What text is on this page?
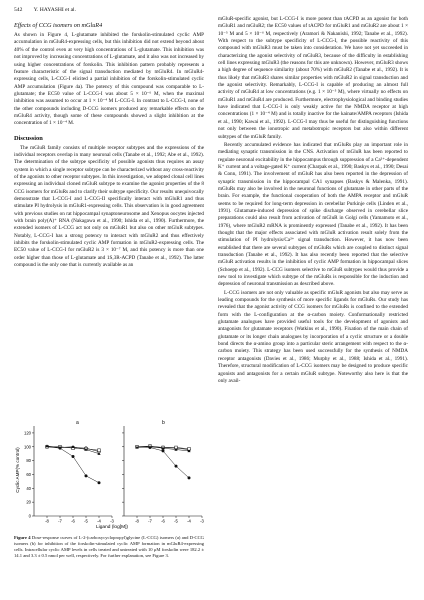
542 Y. HAYASHI et al.
Effects of CCG isomers on mGluR4

As shown in Figure 4, L-glutamate inhibited the forskolin-stimulated cyclic AMP accumulation in mGluR4-expressing cells, but this inhibition did not extend beyond about 40% of the control even at very high concentrations of L-glutamate. This inhibition was not improved by increasing concentrations of L-glutamate, and it also was not increased by using higher concentrations of forskolin. This inhibition pattern probably represents a feature characteristic of the signal transduction mediated by mGluR4. In mGluR4-expressing cells, L-CCG-I elicited a partial inhibition of the forskolin-stimulated cyclic AMP accumulation (Figure 4a). The potency of this compound was comparable to L-glutamate; the EC50 value of L-CCG-I was about 5 × 10⁻⁶ M, when the maximal inhibition was assumed to occur at 1 × 10⁻⁴ M L-CCG-I. In contrast to L-CCG-I, none of the other compounds including D-CCG isomers produced any remarkable effects on the mGluR4 activity, though some of these compounds showed a slight inhibition at the concentration of 1 × 10⁻⁴ M.

Discussion

The mGluR family consists of multiple receptor subtypes and the expressions of the individual receptors overlap in many neuronal cells (Tanabe et al., 1992; Abe et al., 1992). The determination of the subtype specificity of possible agonists thus requires an assay system in which a single receptor subtype can be characterized without any cross-reactivity of the agonists to other receptor subtypes. In this investigation, we adopted clonal cell lines expressing an individual cloned mGluR subtype to examine the agonist properties of the 8 CCG isomers for mGluRs and to clarify their subtype specificity. Our results unequivocally demonstrate that L-CCG-I and L-CCG-II specifically interact with mGluR1 and thus stimulate PI hydrolysis in mGluR1-expressing cells. This observation is in good agreement with previous studies on rat hippocampal synaptoneurosome and Xenopus oocytes injected with brain poly(A)⁺ RNA (Nakagawa et al., 1990; Ishida et al., 1990). Furthermore, the extended isomers of L-CCG act not only on mGluR1 but also on other mGluR subtypes. Notably, L-CCG-I has a strong potency to interact with mGluR2 and thus effectively inhibits the forskolin-stimulated cyclic AMP formation in mGluR2-expressing cells. The EC50 value of L-CCG-I for mGluR2 is 3 × 10⁻⁷ M, and this potency is more than one order higher than those of L-glutamate and 1S,3R-ACPD (Tanabe et al., 1992). The latter compound is the only one that is currently available as an

mGluR-specific agonist, but L-CCG-I is more potent than tACPD as an agonist for both mGluR1 and mGluR2; the EC50 values of tACPD for mGluR1 and mGluR2 are about 1 × 10⁻⁵ M and 5 × 10⁻⁶ M, respectively (Aramori & Nakanishi, 1992; Tanabe et al., 1992). With respect to the subtype specificity of L-CCG-I, the possible reactivity of this compound with mGluR3 must be taken into consideration. We have not yet succeeded in characterizing the agonist selectivity of mGluR3, because of the difficulty in establishing cell lines expressing mGluR3 (the reasons for this are unknown). However, mGluR3 shows a high degree of sequence similarity (about 70%) with mGluR2 (Tanabe et al., 1992). It is thus likely that mGluR3 shares similar properties with mGluR2 in signal transduction and the agonist selectivity. Remarkably, L-CCG-I is capable of producing an almost full activity of mGluR4 at low concentrations (e.g. 1 × 10⁻⁵ M), where virtually no effects on mGluR1 and mGluR4 are produced. Furthermore, electrophysiological and binding studies have indicated that L-CCG-I is only weakly active for the NMDA receptor at high concentrations (1 × 10⁻⁴ M) and is totally inactive for the kainate/AMPA receptors (Ishida et al., 1990; Kawai et al., 1992). L-CCG-I may thus be useful for distinguishing functions not only between the ionotropic and metabotropic receptors but also within different subtypes of the mGluR family.

Recently accumulated evidence has indicated that mGluRs play an important role in mediating synaptic transmission in the CNS. Activation of mGluR has been reported to regulate neuronal excitability in the hippocampus through suppression of a Ca²⁺-dependent K⁺ current and a voltage-gated K⁺ current (Charpak et al., 1990; Baskys et al., 1990; Desai & Conn, 1991). The involvement of mGluR has also been reported in the depression of synaptic transmission in the hippocampal CA1 synapses (Baskys & Malenka, 1991). mGluRs may also be involved in the neuronal functions of glutamate in other parts of the brain. For example, the functional cooperation of both the AMPA receptor and mGluR seems to be required for long-term depression in cerebellar Purkinje cells (Linden et al., 1991). Glutamate-induced depression of spike discharge observed in cerebellar slice preparations could also result from activation of mGluR in Golgi cells (Yamamoto et al., 1976), where mGluR2 mRNA is prominently expressed (Tanabe et al., 1992). It has been thought that the major effects associated with mGluR activation result solely from the stimulation of PI hydrolysis/Ca²⁺ signal transduction. However, it has now been established that there are several subtypes of mGluRs which are coupled to distinct signal transduction (Tanabe et al., 1992). It has also recently been reported that the selective mGluR activation results in the inhibition of cyclic AMP formation in hippocampal slices (Schoepp et al., 1992). L-CCG isomers selective to mGluR subtypes would thus provide a new tool to investigate which subtype of the mGluRs is responsible for the induction and depression of neuronal transmission as described above.

L-CCG isomers are not only valuable as specific mGluR agonists but also may serve as leading compounds for the synthesis of more specific ligands for mGluRs. Our study has revealed that the agonist activity of CCG isomers for mGluRs is confined to the extended form with the L-configuration at the α-carbon moiety. Conformationally restricted glutamate analogues have provided useful tools for the development of agonists and antagonists for glutamate receptors (Watkins et al., 1990). Fixation of the main chain of glutamate or its longer chain analogues by incorporation of a cyclic structure or a double bond directs the α-amino group into a particular steric arrangement with respect to the α-carbon moiety. This strategy has been used successfully for the synthesis of NMDA receptor antagonists (Davies et al., 1986; Murphy et al., 1988; Ishida et al., 1991). Therefore, structural modification of L-CCG isomers may be designed to produce specific agonists and antagonists for a certain mGluR subtype. Noteworthy also here is that the only avail-

0
20
40
60
80
100
120
-8 -7 -6 -5 -4 -3	-8 -7 -6 -5 -4 -3
Cyclic AMP(% control)
Ligand (log[M])
a	b
Figure 4 Dose-response curves of L-2-(carboxycyclopropyl)glycine (L-CCG) isomers (a) and D-CCG isomers (b) for inhibition of the forskolin-stimulated cyclic AMP formation in mGluR4-expressing cells. Intracellular cyclic AMP levels in cells treated and untreated with 10 μM forskolin were 182.2 ± 14.1 and 3.3 ± 0.5 nmol per well, respectively. For further explanation, see Figure 3.
